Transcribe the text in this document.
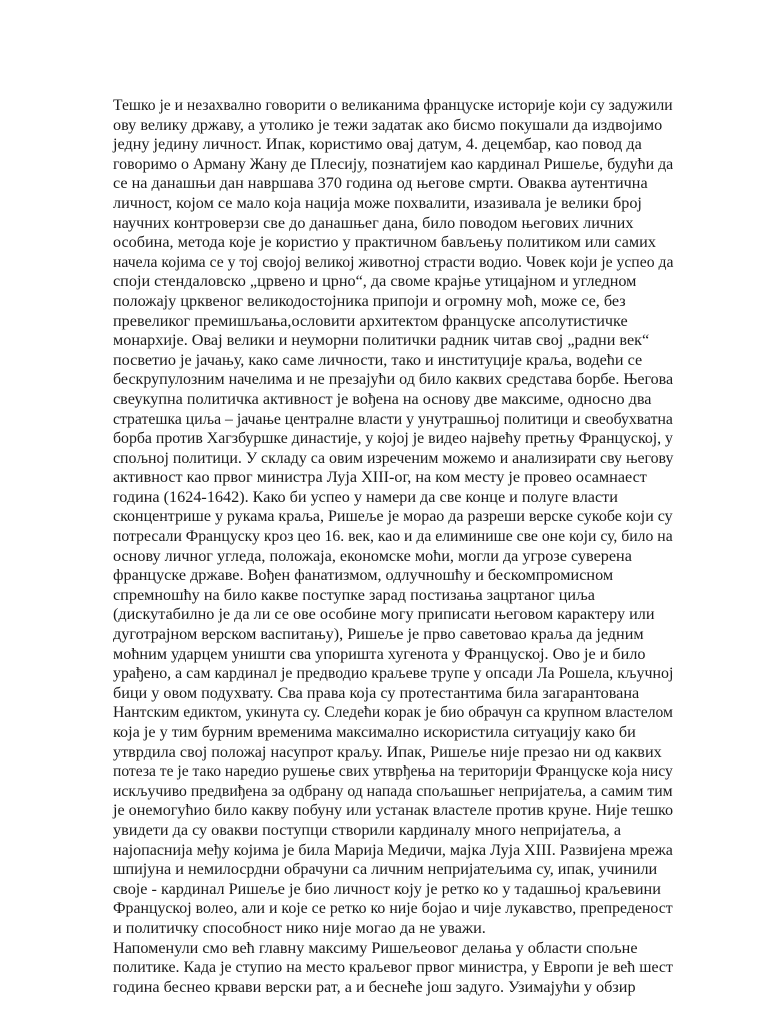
Тешко је и незахвално говорити о великанима француске историје који су задужили
ову велику државу, а утолико је тежи задатак ако бисмо покушали да издвојимо
једну јединy личност. Ипак, користимо овај датум, 4. децембар, као повод да
говоримо о Арману Жану де Плесију, познатијем као кардинал Ришеље, будући да
се на данашњи дан навршава 370 година од његове смрти. Оваква аутентична
личност, којом се мало која нација може похвалити, изазивала је велики број
научних контроверзи све до данашњег дана, било поводом његових личних
особина, метода које је користио у практичном бављењу политиком или самих
начела којима се у тој својој великој животној страсти водио. Човек који је успео да
споји стендаловско „црвено и црно“, да своме крајње утицајном и угледном
положају црквеног великодостојника припоји и огромну моћ, може се, без
превеликог премишљања,ословити архитектом француске апсолутистичке
монархије. Овај велики и неуморни политички радник читав свој „радни век“
посветио је јачању, како саме личности, тако и институције краља, водећи се
бескрупулозним начелима и не презајући од било каквих средстава борбе. Његова
свеукупна политичка активност је вођена на основу две максиме, односно два
стратешка циља – јачање централне власти у унутрашњој политици и свеобухватна
борба против Хагзбуршке династије, у којој је видео највећу претњу Француској, у
спољној политици. У складу са овим изреченим можемо и анализирати сву његову
активност као првог министра Луја XIII-ог, на ком месту је провео осамнаест
година (1624-1642). Како би успео у намери да све конце и полуге власти
сконцентрише у рукама краља, Ришеље је морао да разреши верске сукобе који су
потресали Француску кроз цео 16. век, као и да елиминише све оне који су, било на
основу личног угледа, положаја, економске моћи, могли да угрозе суверена
француске државе. Вођен фанатизмом, одлучношћу и бескомпромисном
спремношћу на било какве поступке зарад постизања зацртаног циља
(дискутабилно је да ли се ове особине могу приписати његовом карактеру или
дуготрајном верском васпитању), Ришеље је прво саветовао краља да једним
моћним ударцем уништи сва упоришта хугенота у Француској. Ово је и било
урађено, а сам кардинал је предводио краљеве трупе у опсади Ла Рошела, кључној
бици у овом подухвату. Сва права која су протестантима била загарантована
Нантским едиктом, укинута су. Следећи корак је био обрачун са крупном властелом
која је у тим бурним временима максимално искористила ситуацију како би
утврдила свој положај насупрот краљу. Ипак, Ришеље није презао ни од каквих
потеза те је тако наредио рушење свих утврђења на територији Француске која нису
искључиво предвиђена за одбрану од напада спољашњег непријатеља, а самим тим
је онемогућио било какву побуну или устанак властеле против круне. Није тешко
увидети да су овакви поступци створили кардиналу много непријатеља, а
најопаснија међу којима је била Марија Медичи, мајка Луја XIII. Развијена мрежа
шпијуна и немилосрдни обрачуни са личним непријатељима су, ипак, учинили
своје - кардинал Ришеље је био личност коју је ретко ко у тадашњој краљевини
Француској волео, али и које се ретко ко није бојао и чије лукавство, препреденост
и политичку способност нико није могао да не уважи.
Напоменули смо већ главну максиму Ришељеовог делања у области спољне
политике. Када је ступио на место краљевог првог министра, у Европи је већ шест
година беснео крвави верски рат, а и беснеће још задуго. Узимајући у обзир
